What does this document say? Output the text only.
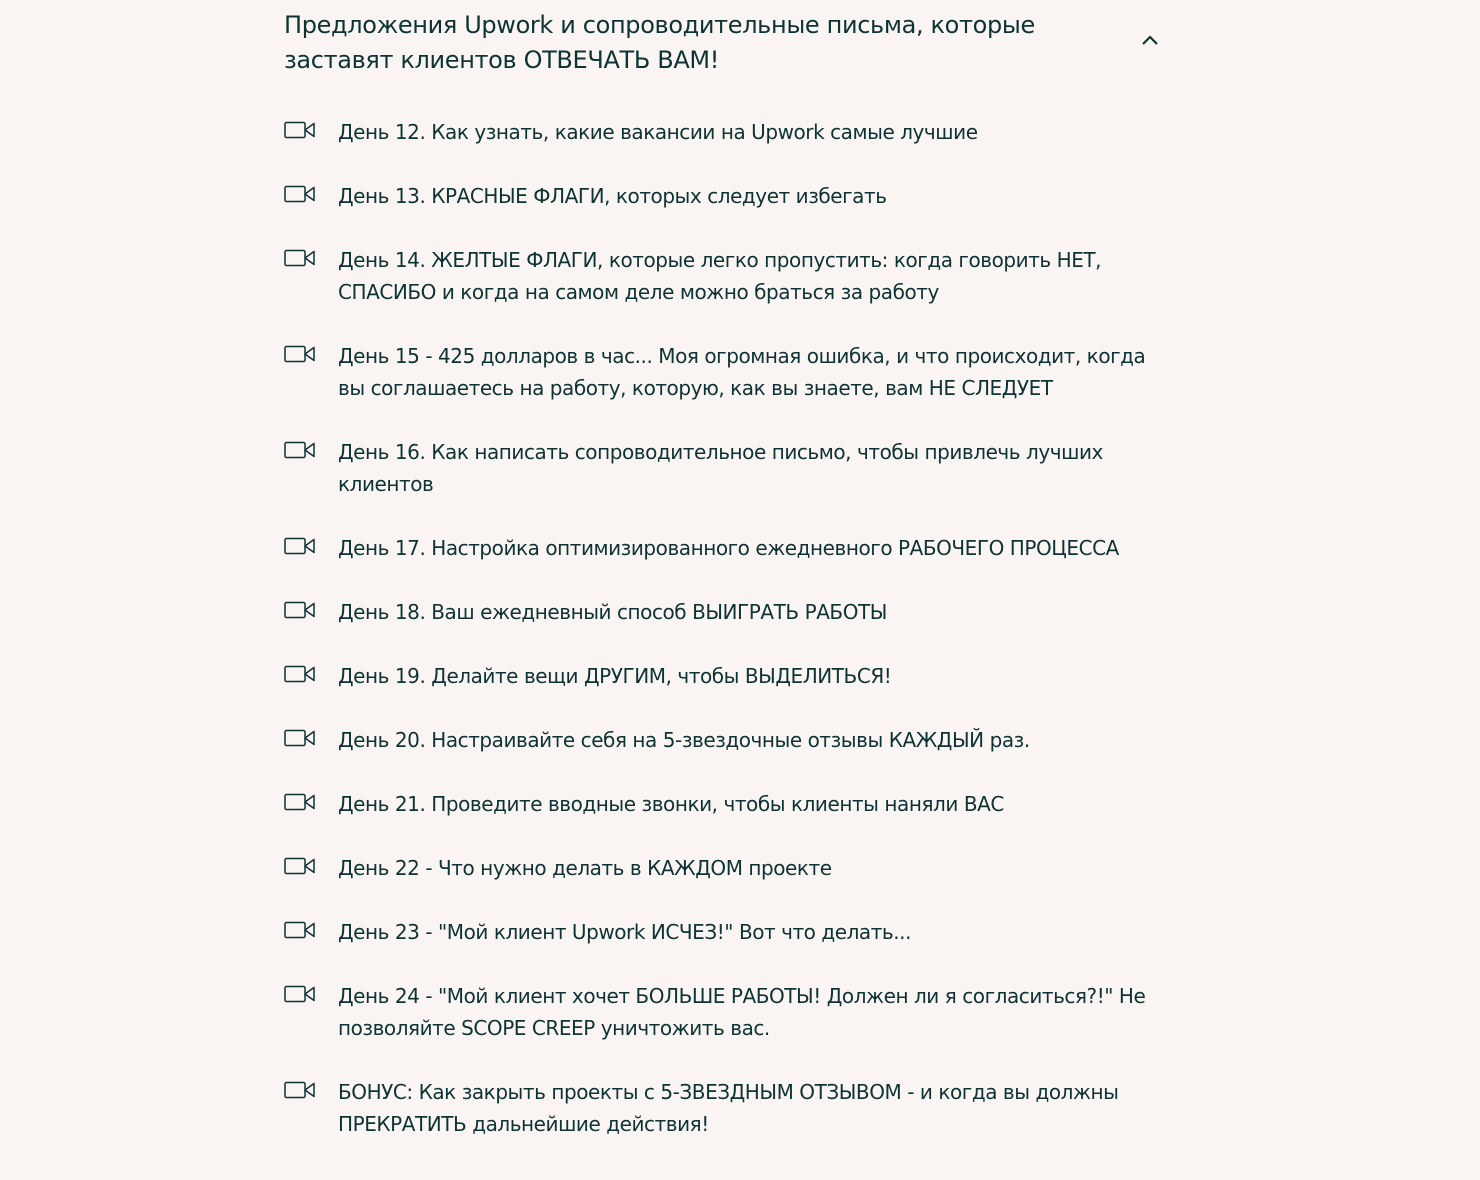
Предложения Upwork и сопроводительные письма, которые заставят клиентов ОТВЕЧАТЬ ВАМ!
День 12. Как узнать, какие вакансии на Upwork самые лучшие
День 13. КРАСНЫЕ ФЛАГИ, которых следует избегать
День 14. ЖЕЛТЫЕ ФЛАГИ, которые легко пропустить: когда говорить НЕТ, СПАСИБО и когда на самом деле можно браться за работу
День 15 - 425 долларов в час... Моя огромная ошибка, и что происходит, когда вы соглашаетесь на работу, которую, как вы знаете, вам НЕ СЛЕДУЕТ
День 16. Как написать сопроводительное письмо, чтобы привлечь лучших клиентов
День 17. Настройка оптимизированного ежедневного РАБОЧЕГО ПРОЦЕССА
День 18. Ваш ежедневный способ ВЫИГРАТЬ РАБОТЫ
День 19. Делайте вещи ДРУГИМ, чтобы ВЫДЕЛИТЬСЯ!
День 20. Настраивайте себя на 5-звездочные отзывы КАЖДЫЙ раз.
День 21. Проведите вводные звонки, чтобы клиенты наняли ВАС
День 22 - Что нужно делать в КАЖДОМ проекте
День 23 - "Мой клиент Upwork ИСЧЕЗ!" Вот что делать...
День 24 - "Мой клиент хочет БОЛЬШЕ РАБОТЫ! Должен ли я согласиться?!" Не позволяйте SCOPE CREEP уничтожить вас.
БОНУС: Как закрыть проекты с 5-ЗВЕЗДНЫМ ОТЗЫВОМ - и когда вы должны ПРЕКРАТИТЬ дальнейшие действия!
